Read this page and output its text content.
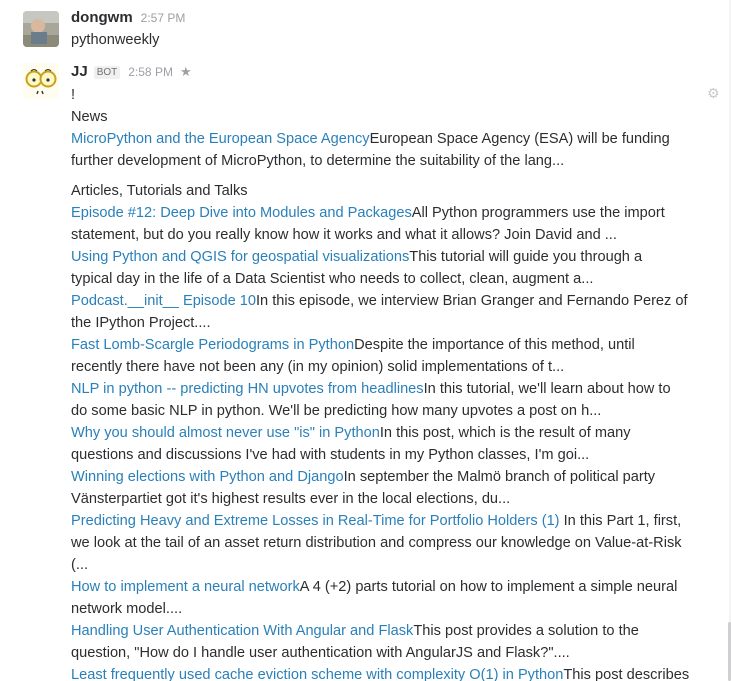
dongwm 2:57 PM
pythonweekly
JJ BOT 2:58 PM ★
!
News
MicroPython and the European Space AgencyEuropean Space Agency (ESA) will be funding
further development of MicroPython, to determine the suitability of the lang...
Articles, Tutorials and Talks
Episode #12: Deep Dive into Modules and PackagesAll Python programmers use the import
statement, but do you really know how it works and what it allows? Join David and ...
Using Python and QGIS for geospatial visualizationsThis tutorial will guide you through a
typical day in the life of a Data Scientist who needs to collect, clean, augment a...
Podcast.__init__ Episode 10In this episode, we interview Brian Granger and Fernando Perez of
the IPython Project....
Fast Lomb-Scargle Periodograms in PythonDespite the importance of this method, until
recently there have not been any (in my opinion) solid implementations of t...
NLP in python -- predicting HN upvotes from headlinesIn this tutorial, we'll learn about how to
do some basic NLP in python. We'll be predicting how many upvotes a post on h...
Why you should almost never use "is" in PythonIn this post, which is the result of many
questions and discussions I've had with students in my Python classes, I'm goi...
Winning elections with Python and DjangoIn september the Malmö branch of political party
Vänsterpartiet got it's highest results ever in the local elections, du...
Predicting Heavy and Extreme Losses in Real-Time for Portfolio Holders (1) In this Part 1, first,
we look at the tail of an asset return distribution and compress our knowledge on Value-at-Risk
(...
How to implement a neural networkA 4 (+2) parts tutorial on how to implement a simple neural
network model....
Handling User Authentication With Angular and FlaskThis post provides a solution to the
question, "How do I handle user authentication with AngularJS and Flask?"....
Least frequently used cache eviction scheme with complexity O(1) in PythonThis post describes
⚙
